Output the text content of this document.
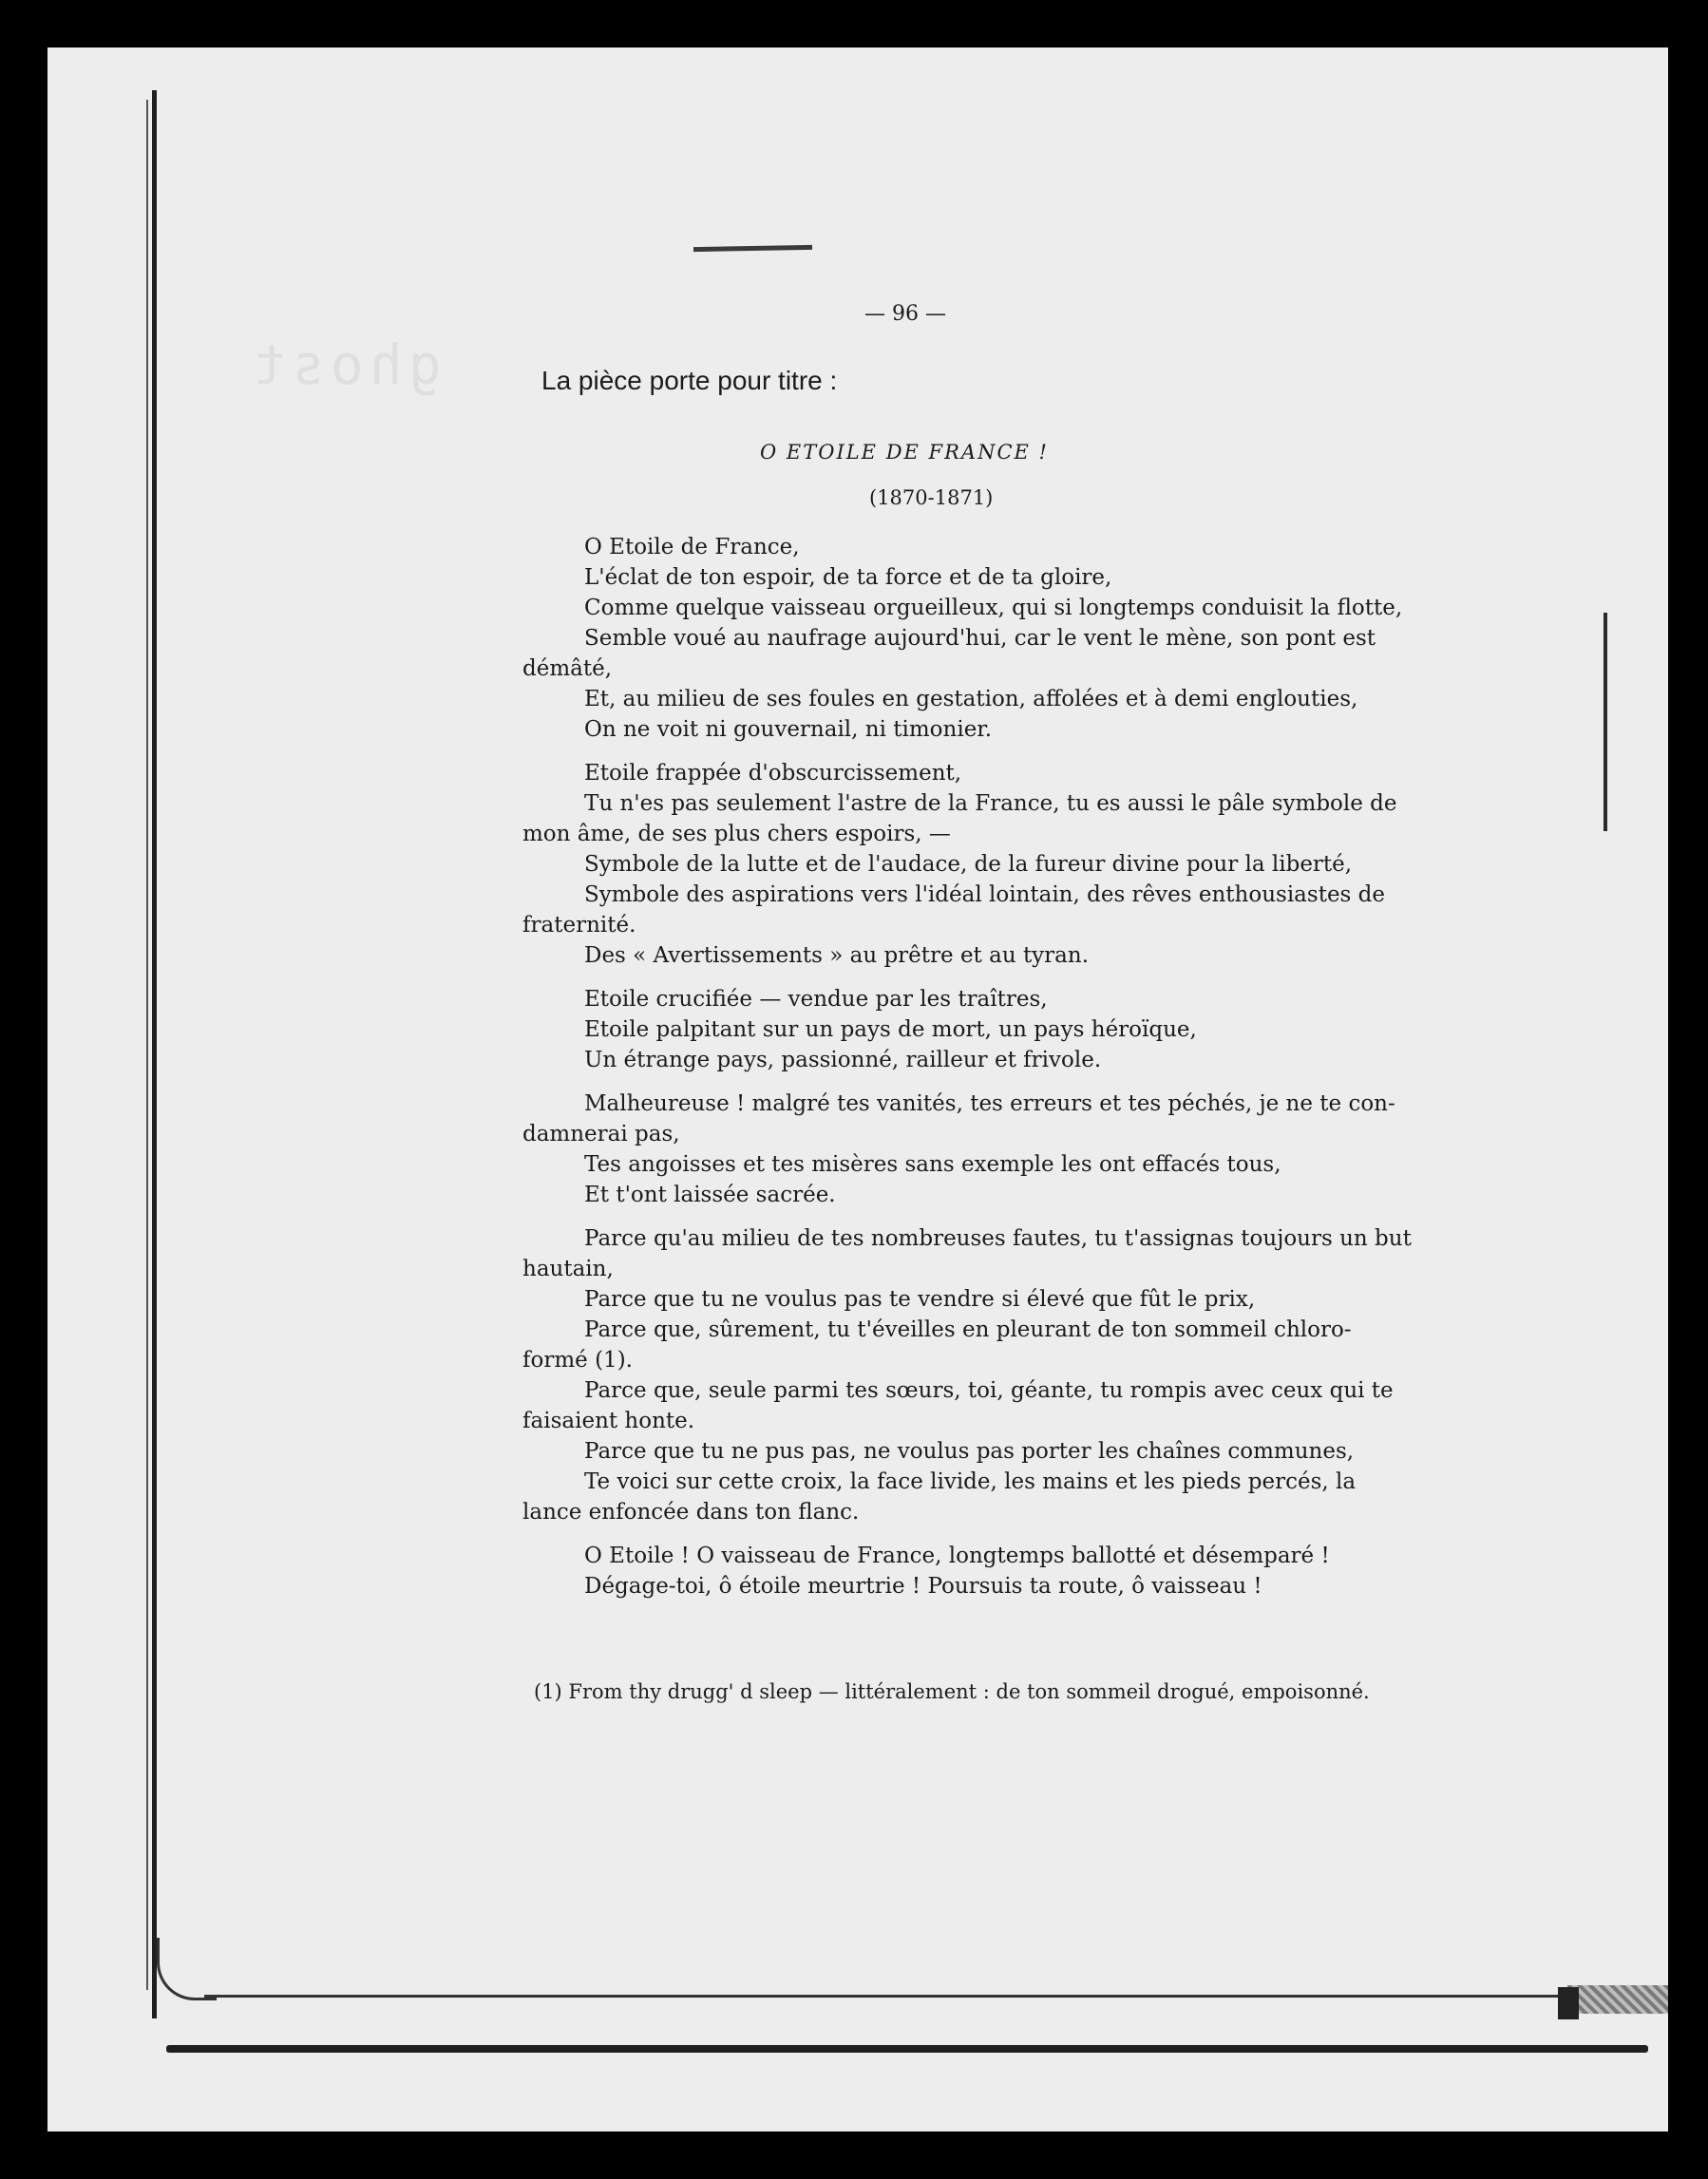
ghost
— 96 —
La pièce porte pour titre :
O ETOILE DE FRANCE !
(1870-1871)
O Etoile de France,
L'éclat de ton espoir, de ta force et de ta gloire,
Comme quelque vaisseau orgueilleux, qui si longtemps conduisit la flotte,
Semble voué au naufrage aujourd'hui, car le vent le mène, son pont est
démâté,
Et, au milieu de ses foules en gestation, affolées et à demi englouties,
On ne voit ni gouvernail, ni timonier.
Etoile frappée d'obscurcissement,
Tu n'es pas seulement l'astre de la France, tu es aussi le pâle symbole de
mon âme, de ses plus chers espoirs, —
Symbole de la lutte et de l'audace, de la fureur divine pour la liberté,
Symbole des aspirations vers l'idéal lointain, des rêves enthousiastes de
fraternité.
Des « Avertissements » au prêtre et au tyran.
Etoile crucifiée — vendue par les traîtres,
Etoile palpitant sur un pays de mort, un pays héroïque,
Un étrange pays, passionné, railleur et frivole.
Malheureuse ! malgré tes vanités, tes erreurs et tes péchés, je ne te con-
damnerai pas,
Tes angoisses et tes misères sans exemple les ont effacés tous,
Et t'ont laissée sacrée.
Parce qu'au milieu de tes nombreuses fautes, tu t'assignas toujours un but
hautain,
Parce que tu ne voulus pas te vendre si élevé que fût le prix,
Parce que, sûrement, tu t'éveilles en pleurant de ton sommeil chloro-
formé (1).
Parce que, seule parmi tes sœurs, toi, géante, tu rompis avec ceux qui te
faisaient honte.
Parce que tu ne pus pas, ne voulus pas porter les chaînes communes,
Te voici sur cette croix, la face livide, les mains et les pieds percés, la
lance enfoncée dans ton flanc.
O Etoile ! O vaisseau de France, longtemps ballotté et désemparé !
Dégage-toi, ô étoile meurtrie ! Poursuis ta route, ô vaisseau !
(1) From thy drugg' d sleep — littéralement : de ton sommeil drogué, empoisonné.
